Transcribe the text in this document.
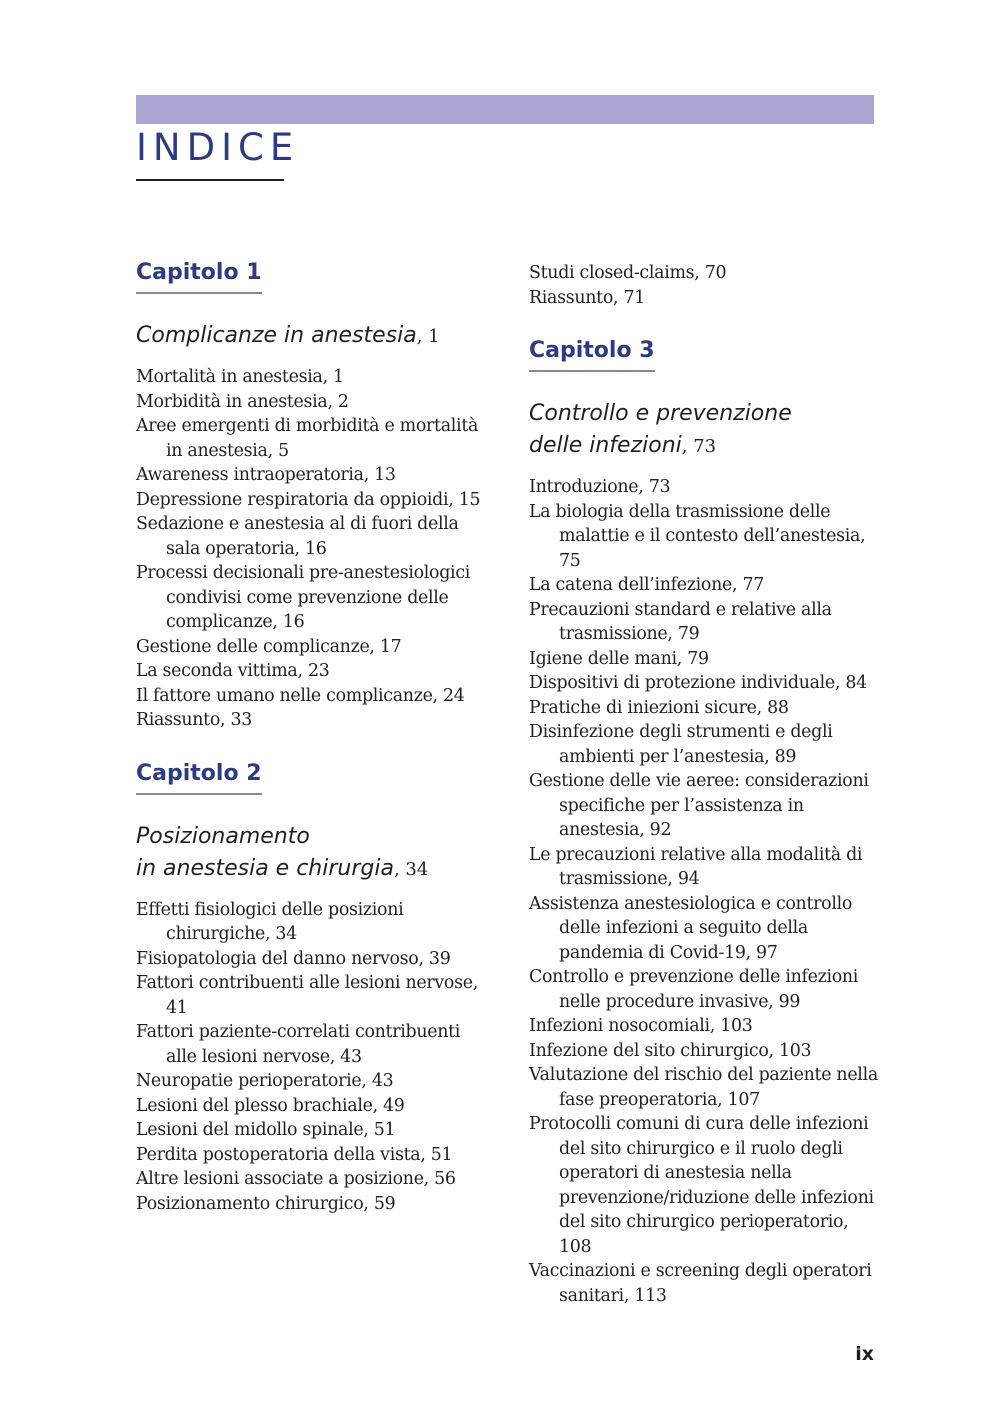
INDICE
Capitolo 1
Complicanze in anestesia, 1
Mortalità in anestesia, 1
Morbidità in anestesia, 2
Aree emergenti di morbidità e mortalità in anestesia, 5
Awareness intraoperatoria, 13
Depressione respiratoria da oppioidi, 15
Sedazione e anestesia al di fuori della sala operatoria, 16
Processi decisionali pre-anestesiologici condivisi come prevenzione delle complicanze, 16
Gestione delle complicanze, 17
La seconda vittima, 23
Il fattore umano nelle complicanze, 24
Riassunto, 33
Capitolo 2
Posizionamento
in anestesia e chirurgia, 34
Effetti fisiologici delle posizioni chirurgiche, 34
Fisiopatologia del danno nervoso, 39
Fattori contribuenti alle lesioni nervose, 41
Fattori paziente-correlati contribuenti alle lesioni nervose, 43
Neuropatie perioperatorie, 43
Lesioni del plesso brachiale, 49
Lesioni del midollo spinale, 51
Perdita postoperatoria della vista, 51
Altre lesioni associate a posizione, 56
Posizionamento chirurgico, 59
Studi closed-claims, 70
Riassunto, 71
Capitolo 3
Controllo e prevenzione
delle infezioni, 73
Introduzione, 73
La biologia della trasmissione delle malattie e il contesto dell’anestesia, 75
La catena dell’infezione, 77
Precauzioni standard e relative alla trasmissione, 79
Igiene delle mani, 79
Dispositivi di protezione individuale, 84
Pratiche di iniezioni sicure, 88
Disinfezione degli strumenti e degli ambienti per l’anestesia, 89
Gestione delle vie aeree: considerazioni specifiche per l’assistenza in anestesia, 92
Le precauzioni relative alla modalità di trasmissione, 94
Assistenza anestesiologica e controllo delle infezioni a seguito della pandemia di Covid-19, 97
Controllo e prevenzione delle infezioni nelle procedure invasive, 99
Infezioni nosocomiali, 103
Infezione del sito chirurgico, 103
Valutazione del rischio del paziente nella fase preoperatoria, 107
Protocolli comuni di cura delle infezioni del sito chirurgico e il ruolo degli operatori di anestesia nella prevenzione/riduzione delle infezioni del sito chirurgico perioperatorio, 108
Vaccinazioni e screening degli operatori sanitari, 113
ix
